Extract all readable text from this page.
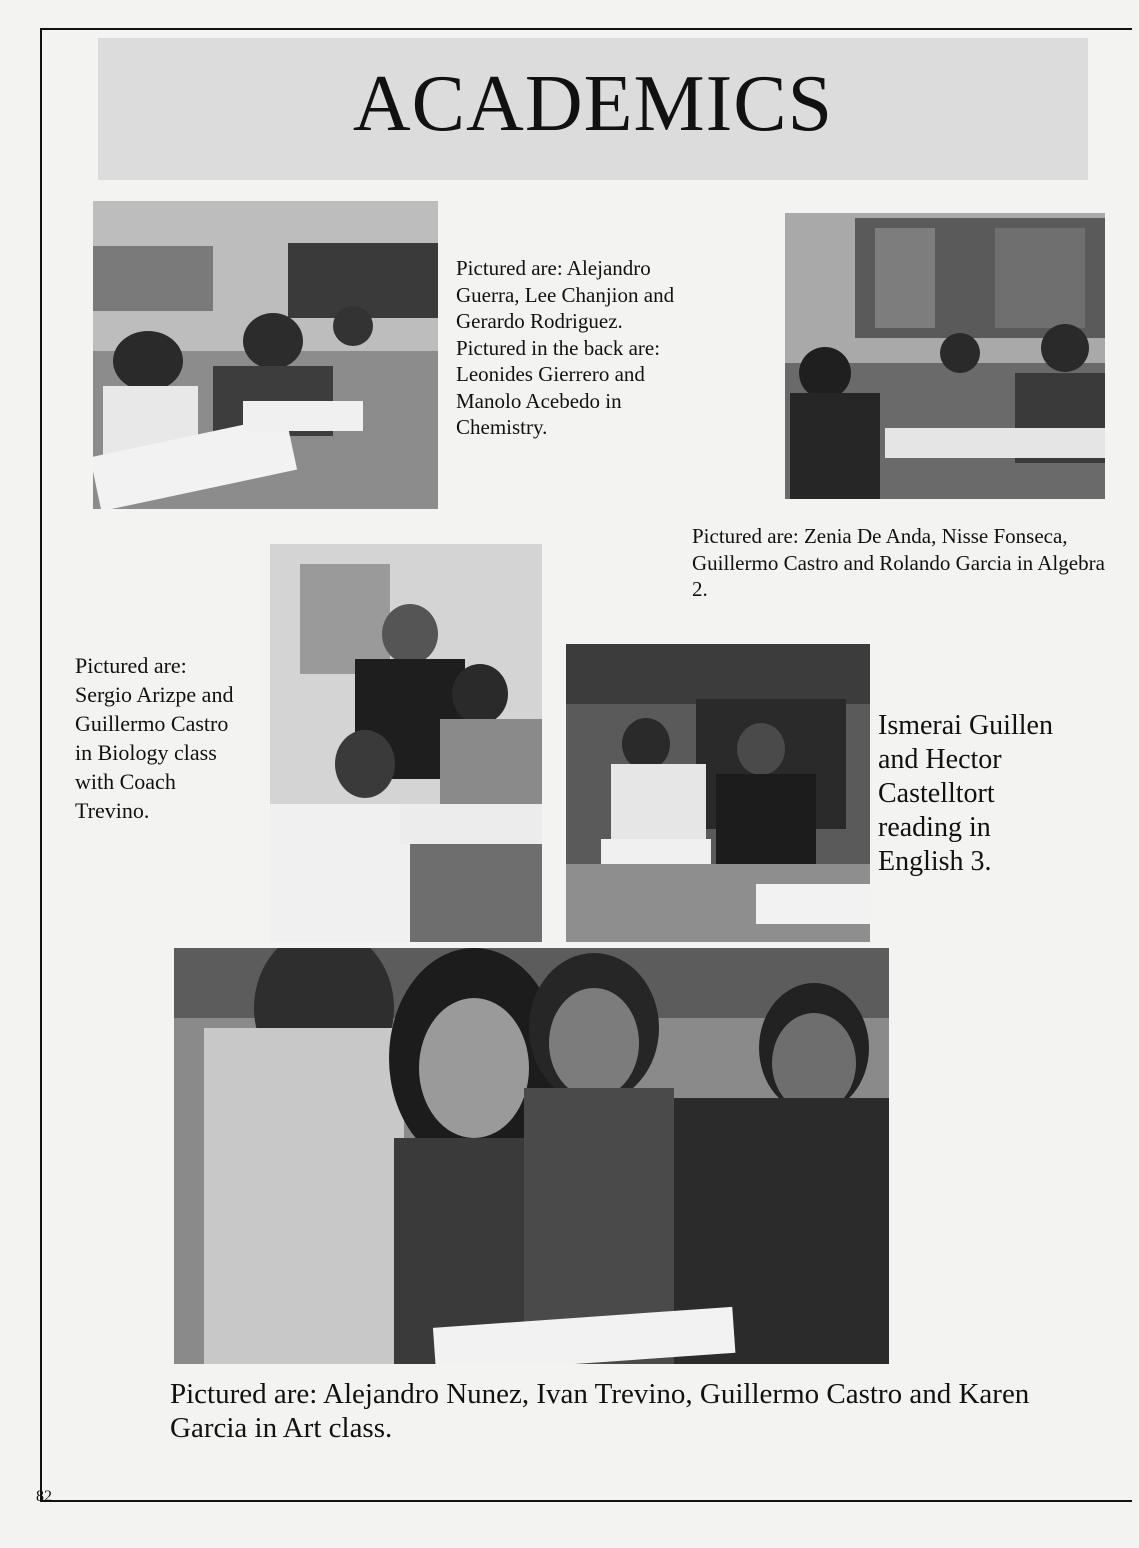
ACADEMICS
Pictured are: Alejandro Guerra, Lee Chanjion and Gerardo Rodriguez. Pictured in the back are: Leonides Gierrero and Manolo Acebedo in Chemistry.
Pictured are: Zenia De Anda, Nisse Fonseca, Guillermo Castro and Rolando Garcia in Algebra 2.
Pictured are: Sergio Arizpe and Guillermo Castro in Biology class with Coach Trevino.
Ismerai Guillen and Hector Castelltort reading in English 3.
Pictured are: Alejandro Nunez, Ivan Trevino, Guillermo Castro and Karen Garcia in Art class.
82
